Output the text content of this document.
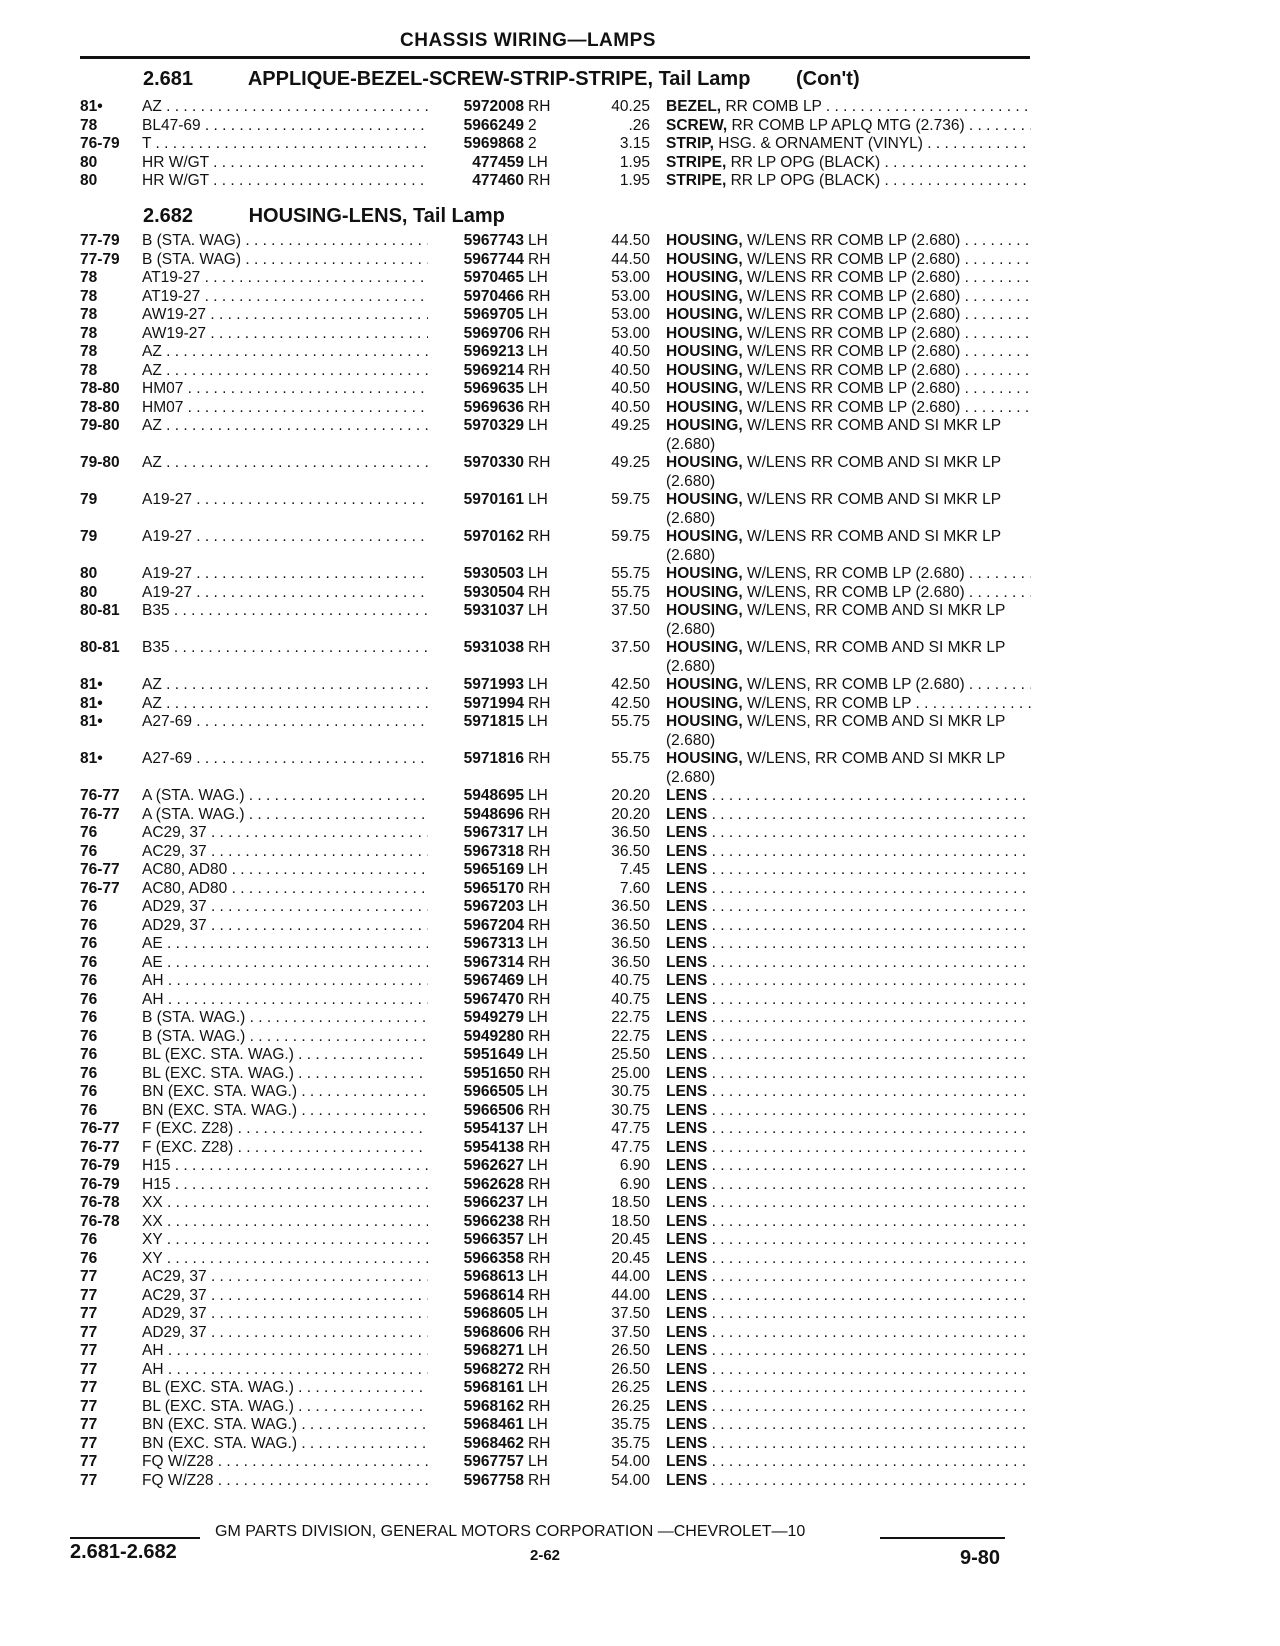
CHASSIS WIRING—LAMPS
2.681	APPLIQUE-BEZEL-SCREW-STRIP-STRIPE, Tail Lamp (Con't)
81•	AZ . . .	5972008 RH	40.25 BEZEL, RR COMB LP . . .
78	BL47-69 . . .	5966249 2	.26 SCREW, RR COMB LP APLQ MTG (2.736) . . .
76-79	T . . .	5969868 2	3.15 STRIP, HSG. & ORNAMENT (VINYL) . . .
80	HR W/GT . . .	477459 LH	1.95 STRIPE, RR LP OPG (BLACK) . . .
80	HR W/GT . . .	477460 RH	1.95 STRIPE, RR LP OPG (BLACK) . . .
2.682	HOUSING-LENS, Tail Lamp
77-79	B (STA. WAG) . . .	5967743 LH	44.50 HOUSING, W/LENS RR COMB LP (2.680) . . .
77-79	B (STA. WAG) . . .	5967744 RH	44.50 HOUSING, W/LENS RR COMB LP (2.680) . . .
78	AT19-27 . . .	5970465 LH	53.00 HOUSING, W/LENS RR COMB LP (2.680) . . .
78	AT19-27 . . .	5970466 RH	53.00 HOUSING, W/LENS RR COMB LP (2.680) . . .
78	AW19-27 . . .	5969705 LH	53.00 HOUSING, W/LENS RR COMB LP (2.680) . . .
78	AW19-27 . . .	5969706 RH	53.00 HOUSING, W/LENS RR COMB LP (2.680) . . .
78	AZ . . .	5969213 LH	40.50 HOUSING, W/LENS RR COMB LP (2.680) . . .
78	AZ . . .	5969214 RH	40.50 HOUSING, W/LENS RR COMB LP (2.680) . . .
78-80	HM07 . . .	5969635 LH	40.50 HOUSING, W/LENS RR COMB LP (2.680) . . .
78-80	HM07 . . .	5969636 RH	40.50 HOUSING, W/LENS RR COMB LP (2.680) . . .
79-80	AZ . . .	5970329 LH	49.25 HOUSING, W/LENS RR COMB AND SI MKR LP (2.680)
79-80	AZ . . .	5970330 RH	49.25 HOUSING, W/LENS RR COMB AND SI MKR LP (2.680)
79	A19-27 . . .	5970161 LH	59.75 HOUSING, W/LENS RR COMB AND SI MKR LP (2.680)
79	A19-27 . . .	5970162 RH	59.75 HOUSING, W/LENS RR COMB AND SI MKR LP (2.680)
80	A19-27 . . .	5930503 LH	55.75 HOUSING, W/LENS, RR COMB LP (2.680) . . .
80	A19-27 . . .	5930504 RH	55.75 HOUSING, W/LENS, RR COMB LP (2.680) . . .
80-81	B35 . . .	5931037 LH	37.50 HOUSING, W/LENS, RR COMB AND SI MKR LP (2.680)
80-81	B35 . . .	5931038 RH	37.50 HOUSING, W/LENS, RR COMB AND SI MKR LP (2.680)
81•	AZ . . .	5971993 LH	42.50 HOUSING, W/LENS, RR COMB LP (2.680) . . .
81•	AZ . . .	5971994 RH	42.50 HOUSING, W/LENS, RR COMB LP . . .
81•	A27-69 . . .	5971815 LH	55.75 HOUSING, W/LENS, RR COMB AND SI MKR LP (2.680)
81•	A27-69 . . .	5971816 RH	55.75 HOUSING, W/LENS, RR COMB AND SI MKR LP (2.680)
76-77	A (STA. WAG.) . . .	5948695 LH	20.20 LENS . . .
76-77	A (STA. WAG.) . . .	5948696 RH	20.20 LENS . . .
76	AC29, 37 . . .	5967317 LH	36.50 LENS . . .
76	AC29, 37 . . .	5967318 RH	36.50 LENS . . .
76-77	AC80, AD80 . . .	5965169 LH	7.45 LENS . . .
76-77	AC80, AD80 . . .	5965170 RH	7.60 LENS . . .
76	AD29, 37 . . .	5967203 LH	36.50 LENS . . .
76	AD29, 37 . . .	5967204 RH	36.50 LENS . . .
76	AE . . .	5967313 LH	36.50 LENS . . .
76	AE . . .	5967314 RH	36.50 LENS . . .
76	AH . . .	5967469 LH	40.75 LENS . . .
76	AH . . .	5967470 RH	40.75 LENS . . .
76	B (STA. WAG.) . . .	5949279 LH	22.75 LENS . . .
76	B (STA. WAG.) . . .	5949280 RH	22.75 LENS . . .
76	BL (EXC. STA. WAG.) . . .	5951649 LH	25.50 LENS . . .
76	BL (EXC. STA. WAG.) . . .	5951650 RH	25.00 LENS . . .
76	BN (EXC. STA. WAG.) . . .	5966505 LH	30.75 LENS . . .
76	BN (EXC. STA. WAG.) . . .	5966506 RH	30.75 LENS . . .
76-77	F (EXC. Z28) . . .	5954137 LH	47.75 LENS . . .
76-77	F (EXC. Z28) . . .	5954138 RH	47.75 LENS . . .
76-79	H15 . . .	5962627 LH	6.90 LENS . . .
76-79	H15 . . .	5962628 RH	6.90 LENS . . .
76-78	XX . . .	5966237 LH	18.50 LENS . . .
76-78	XX . . .	5966238 RH	18.50 LENS . . .
76	XY . . .	5966357 LH	20.45 LENS . . .
76	XY . . .	5966358 RH	20.45 LENS . . .
77	AC29, 37 . . .	5968613 LH	44.00 LENS . . .
77	AC29, 37 . . .	5968614 RH	44.00 LENS . . .
77	AD29, 37 . . .	5968605 LH	37.50 LENS . . .
77	AD29, 37 . . .	5968606 RH	37.50 LENS . . .
77	AH . . .	5968271 LH	26.50 LENS . . .
77	AH . . .	5968272 RH	26.50 LENS . . .
77	BL (EXC. STA. WAG.) . . .	5968161 LH	26.25 LENS . . .
77	BL (EXC. STA. WAG.) . . .	5968162 RH	26.25 LENS . . .
77	BN (EXC. STA. WAG.) . . .	5968461 LH	35.75 LENS . . .
77	BN (EXC. STA. WAG.) . . .	5968462 RH	35.75 LENS . . .
77	FQ W/Z28 . . .	5967757 LH	54.00 LENS . . .
77	FQ W/Z28 . . .	5967758 RH	54.00 LENS . . .
GM PARTS DIVISION, GENERAL MOTORS CORPORATION —CHEVROLET—10
2.681-2.682	2-62	9-80
